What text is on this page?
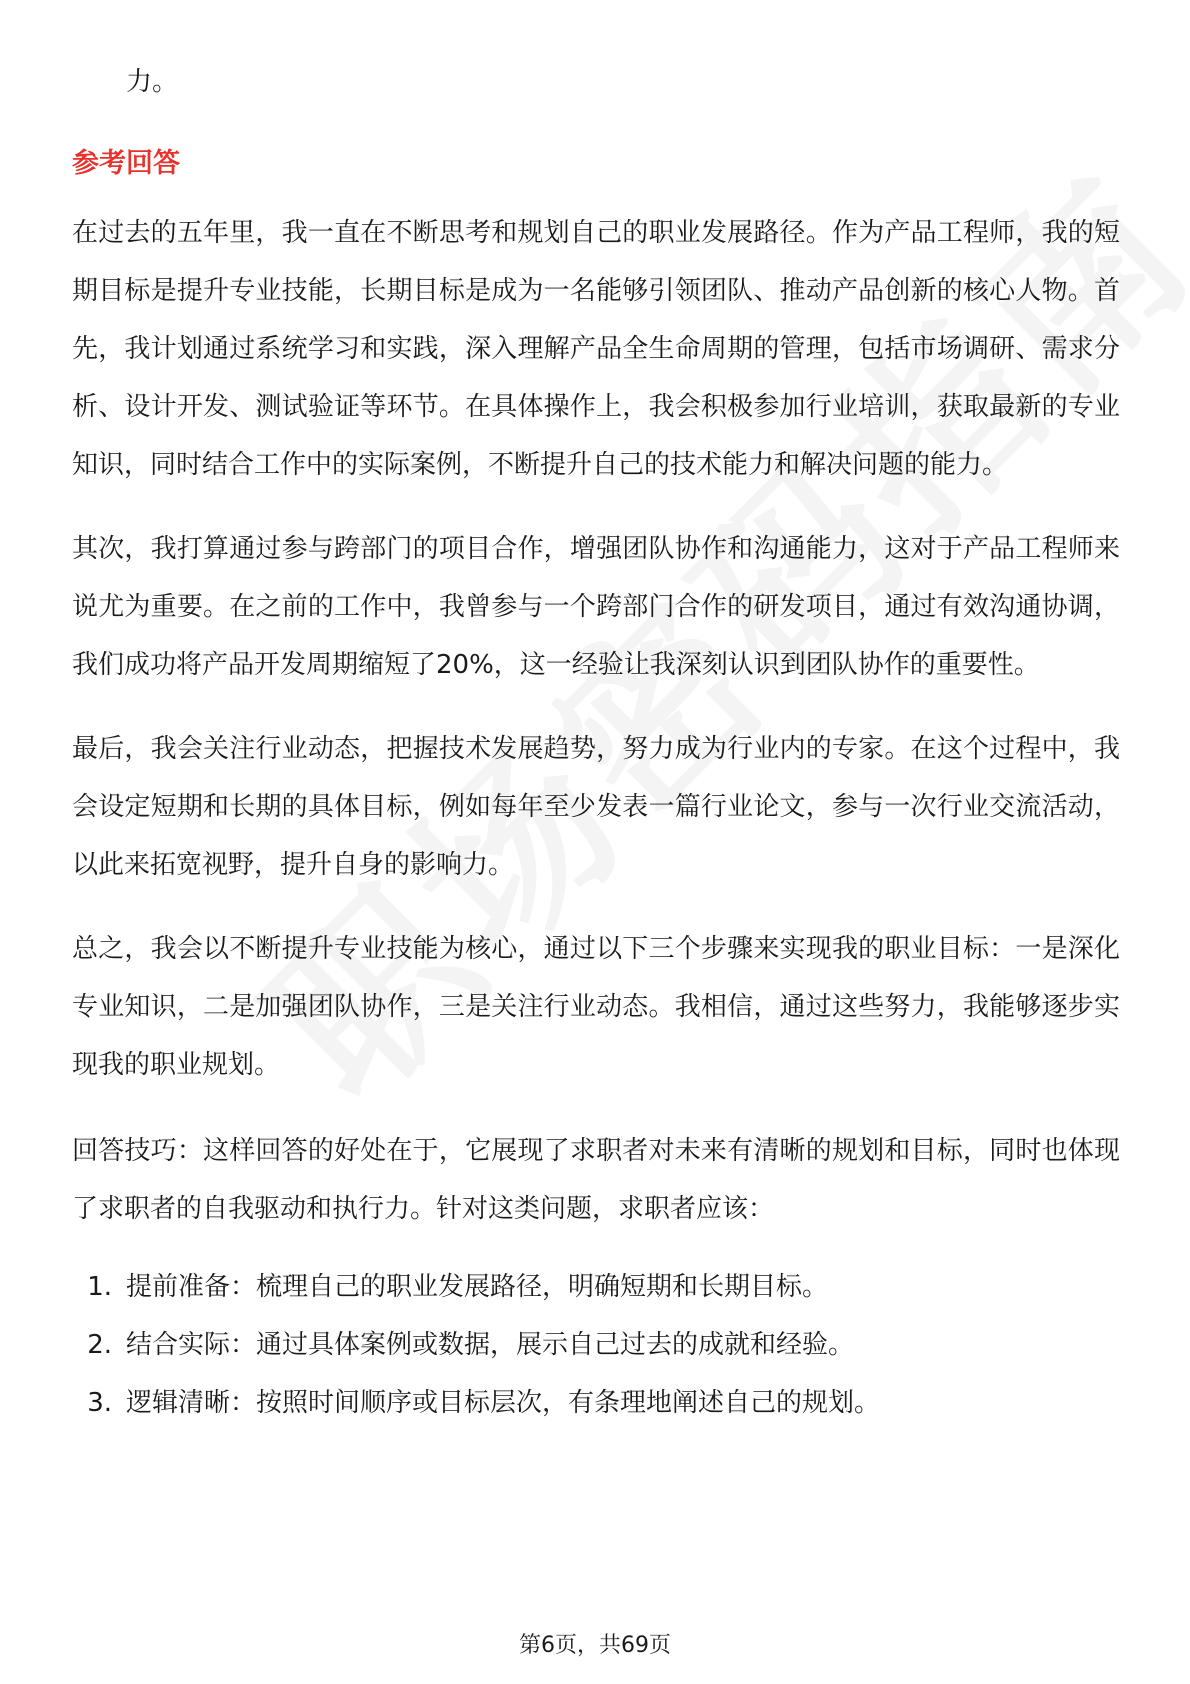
力。

参考回答

在过去的五年里，我一直在不断思考和规划自己的职业发展路径。作为产品工程师，我的短期目标是提升专业技能，长期目标是成为一名能够引领团队、推动产品创新的核心人物。首先，我计划通过系统学习和实践，深入理解产品全生命周期的管理，包括市场调研、需求分析、设计开发、测试验证等环节。在具体操作上，我会积极参加行业培训，获取最新的专业知识，同时结合工作中的实际案例，不断提升自己的技术能力和解决问题的能力。

其次，我打算通过参与跨部门的项目合作，增强团队协作和沟通能力，这对于产品工程师来说尤为重要。在之前的工作中，我曾参与一个跨部门合作的研发项目，通过有效沟通协调，我们成功将产品开发周期缩短了20%，这一经验让我深刻认识到团队协作的重要性。

最后，我会关注行业动态，把握技术发展趋势，努力成为行业内的专家。在这个过程中，我会设定短期和长期的具体目标，例如每年至少发表一篇行业论文，参与一次行业交流活动，以此来拓宽视野，提升自身的影响力。

总之，我会以不断提升专业技能为核心，通过以下三个步骤来实现我的职业目标：一是深化专业知识，二是加强团队协作，三是关注行业动态。我相信，通过这些努力，我能够逐步实现我的职业规划。

回答技巧：这样回答的好处在于，它展现了求职者对未来有清晰的规划和目标，同时也体现了求职者的自我驱动和执行力。针对这类问题，求职者应该：

1. 提前准备：梳理自己的职业发展路径，明确短期和长期目标。
2. 结合实际：通过具体案例或数据，展示自己过去的成就和经验。
3. 逻辑清晰：按照时间顺序或目标层次，有条理地阐述自己的规划。
第6页，共69页
